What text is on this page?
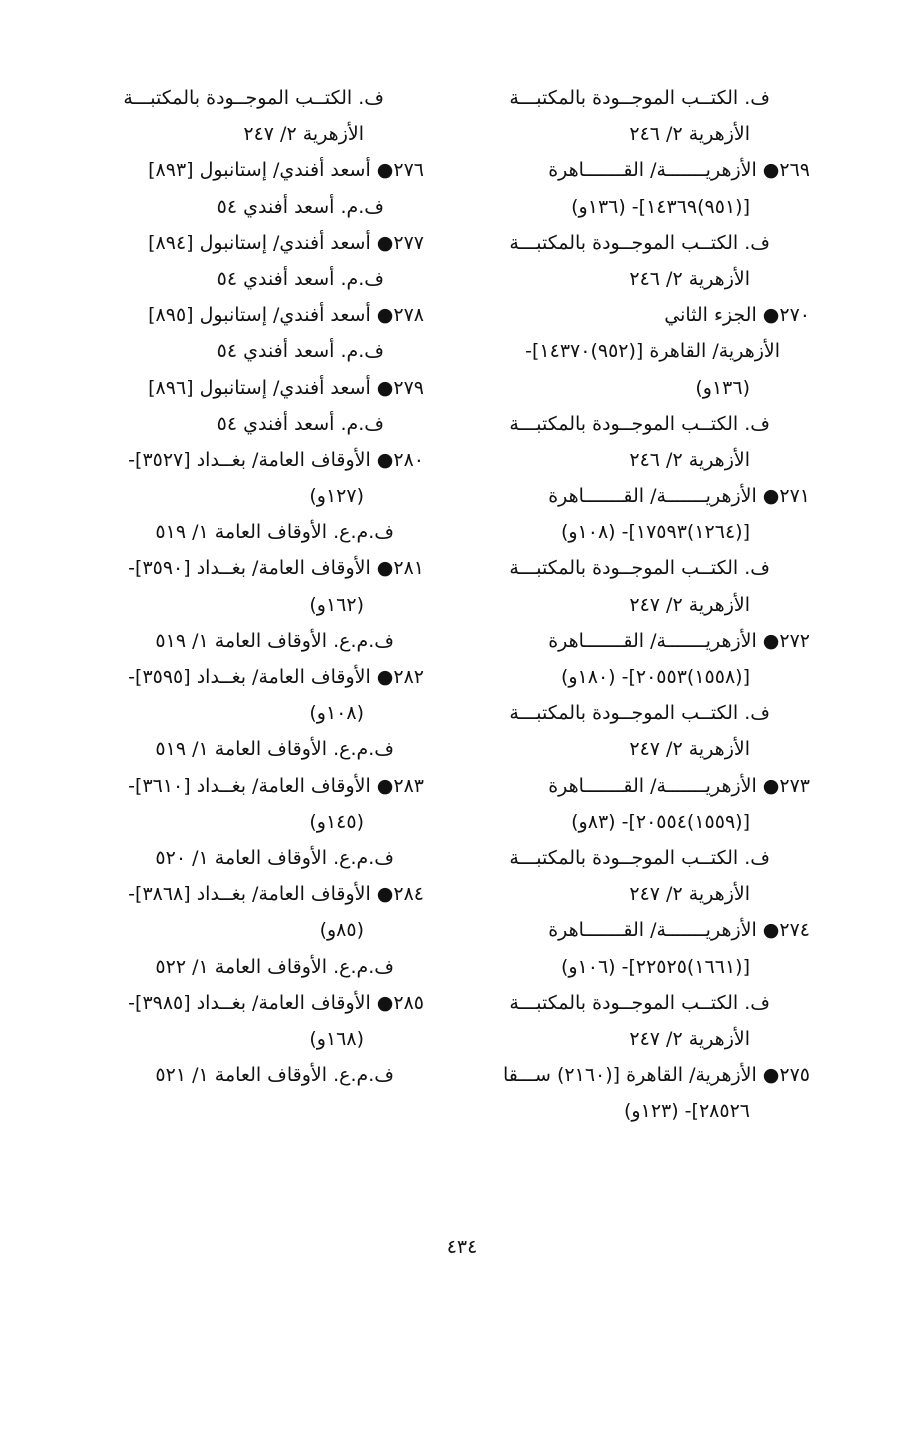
ف. الكتــب الموجــودة بالمكتبـــة
الأزهرية ٢/ ٢٤٦
٢٦٩● الأزهريـــــــة/ القـــــــاهرة
[(٩٥١)١٤٣٦٩]- (١٣٦و)
ف. الكتــب الموجــودة بالمكتبـــة
الأزهرية ٢/ ٢٤٦
٢٧٠● الجزء الثاني
الأزهرية/ القاهرة [(٩٥٢)١٤٣٧٠]-
(١٣٦و)
ف. الكتــب الموجــودة بالمكتبـــة
الأزهرية ٢/ ٢٤٦
٢٧١● الأزهريـــــــة/ القـــــــاهرة
[(١٢٦٤)١٧٥٩٣]- (١٠٨و)
ف. الكتــب الموجــودة بالمكتبـــة
الأزهرية ٢/ ٢٤٧
٢٧٢● الأزهريـــــــة/ القـــــــاهرة
[(١٥٥٨)٢٠٥٥٣]- (١٨٠و)
ف. الكتــب الموجــودة بالمكتبـــة
الأزهرية ٢/ ٢٤٧
٢٧٣● الأزهريـــــــة/ القـــــــاهرة
[(١٥٥٩)٢٠٥٥٤]- (٨٣و)
ف. الكتــب الموجــودة بالمكتبـــة
الأزهرية ٢/ ٢٤٧
٢٧٤● الأزهريـــــــة/ القـــــــاهرة
[(١٦٦١)٢٢٥٢٥]- (١٠٦و)
ف. الكتــب الموجــودة بالمكتبـــة
الأزهرية ٢/ ٢٤٧
٢٧٥● الأزهرية/ القاهرة [(٢١٦٠) ســـقا
٢٨٥٢٦]- (١٢٣و)
ف. الكتــب الموجــودة بالمكتبـــة
الأزهرية ٢/ ٢٤٧
٢٧٦● أسعد أفندي/ إستانبول [٨٩٣]
ف.م. أسعد أفندي ٥٤
٢٧٧● أسعد أفندي/ إستانبول [٨٩٤]
ف.م. أسعد أفندي ٥٤
٢٧٨● أسعد أفندي/ إستانبول [٨٩٥]
ف.م. أسعد أفندي ٥٤
٢٧٩● أسعد أفندي/ إستانبول [٨٩٦]
ف.م. أسعد أفندي ٥٤
٢٨٠● الأوقاف العامة/ بغــداد [٣٥٢٧]-
(١٢٧و)
ف.م.ع. الأوقاف العامة ١/ ٥١٩
٢٨١● الأوقاف العامة/ بغــداد [٣٥٩٠]-
(١٦٢و)
ف.م.ع. الأوقاف العامة ١/ ٥١٩
٢٨٢● الأوقاف العامة/ بغــداد [٣٥٩٥]-
(١٠٨و)
ف.م.ع. الأوقاف العامة ١/ ٥١٩
٢٨٣● الأوقاف العامة/ بغــداد [٣٦١٠]-
(١٤٥و)
ف.م.ع. الأوقاف العامة ١/ ٥٢٠
٢٨٤● الأوقاف العامة/ بغــداد [٣٨٦٨]-
(٨٥و)
ف.م.ع. الأوقاف العامة ١/ ٥٢٢
٢٨٥● الأوقاف العامة/ بغــداد [٣٩٨٥]-
(١٦٨و)
ف.م.ع. الأوقاف العامة ١/ ٥٢١
٤٣٤
